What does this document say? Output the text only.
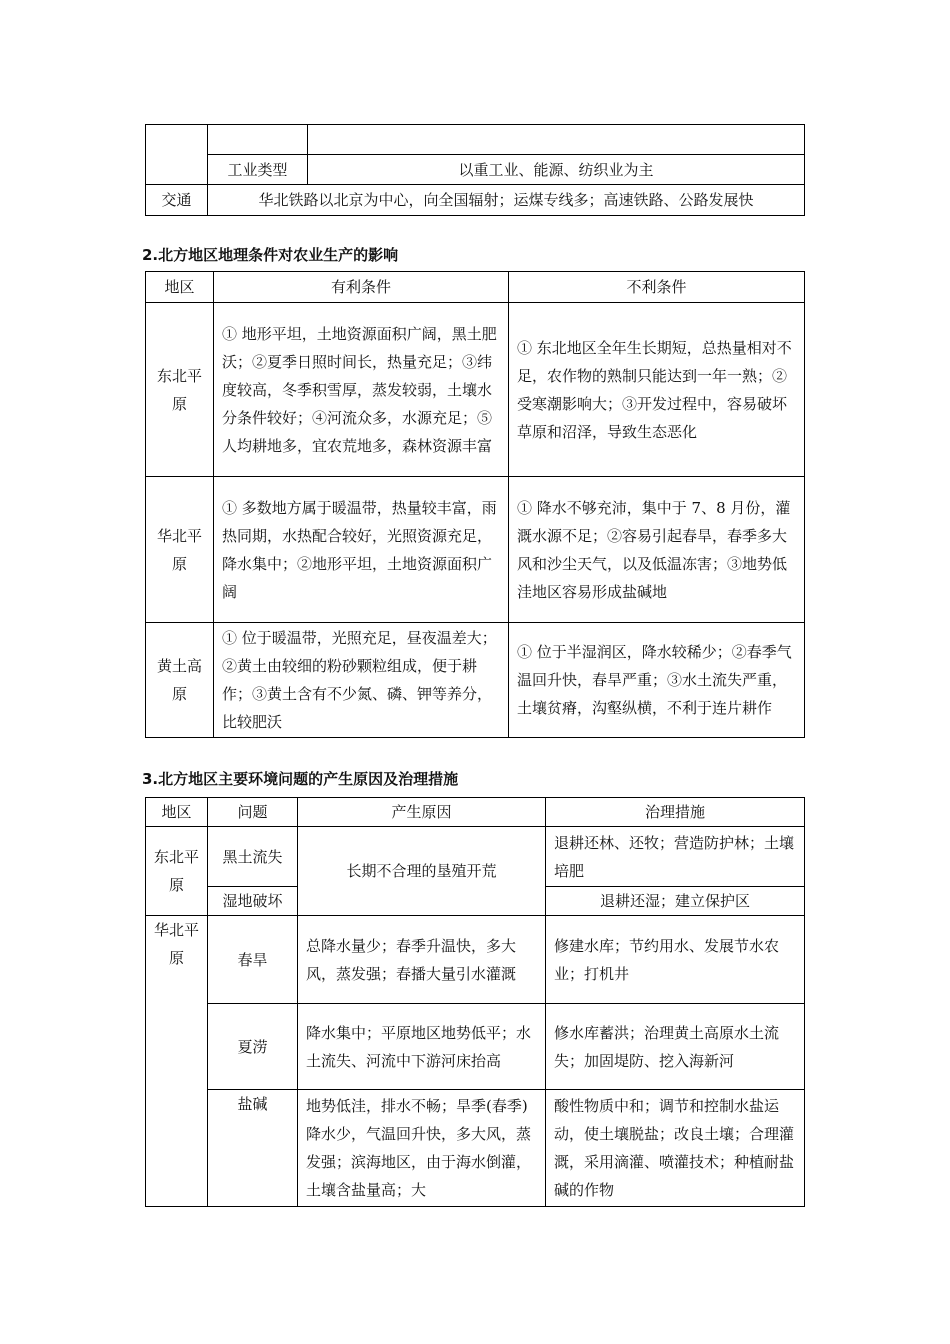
	工业类型	以重工业、能源、纺织业为主
交通	华北铁路以北京为中心，向全国辐射；运煤专线多；高速铁路、公路发展快	
2.北方地区地理条件对农业生产的影响
地区	有利条件	不利条件
东北平原	① 地形平坦，土地资源面积广阔，黑土肥沃；②夏季日照时间长，热量充足；③纬度较高，冬季积雪厚，蒸发较弱，土壤水分条件较好；④河流众多，水源充足；⑤人均耕地多，宜农荒地多，森林资源丰富	① 东北地区全年生长期短，总热量相对不足，农作物的熟制只能达到一年一熟；②受寒潮影响大；③开发过程中，容易破坏草原和沼泽，导致生态恶化
华北平原	① 多数地方属于暖温带，热量较丰富，雨热同期，水热配合较好，光照资源充足，降水集中；②地形平坦，土地资源面积广阔	① 降水不够充沛，集中于 7、8 月份，灌溉水源不足；②容易引起春旱，春季多大风和沙尘天气，以及低温冻害；③地势低洼地区容易形成盐碱地
黄土高原	① 位于暖温带，光照充足，昼夜温差大；②黄土由较细的粉砂颗粒组成，便于耕作；③黄土含有不少氮、磷、钾等养分，比较肥沃	① 位于半湿润区，降水较稀少；②春季气温回升快，春旱严重；③水土流失严重，土壤贫瘠，沟壑纵横，不利于连片耕作
3.北方地区主要环境问题的产生原因及治理措施
地区	问题	产生原因	治理措施
东北平原	黑土流失	长期不合理的垦殖开荒	退耕还林、还牧；营造防护林；土壤培肥
	湿地破坏		退耕还湿；建立保护区
华北平原	春旱	总降水量少；春季升温快，多大风，蒸发强；春播大量引水灌溉	修建水库；节约用水、发展节水农业；打机井
	夏涝	降水集中；平原地区地势低平；水土流失、河流中下游河床抬高	修水库蓄洪；治理黄土高原水土流失；加固堤防、挖入海新河
	盐碱	地势低洼，排水不畅；旱季(春季)降水少，气温回升快，多大风，蒸发强；滨海地区，由于海水倒灌，土壤含盐量高；大	酸性物质中和；调节和控制水盐运动，使土壤脱盐；改良土壤；合理灌溉，采用滴灌、喷灌技术；种植耐盐碱的作物
